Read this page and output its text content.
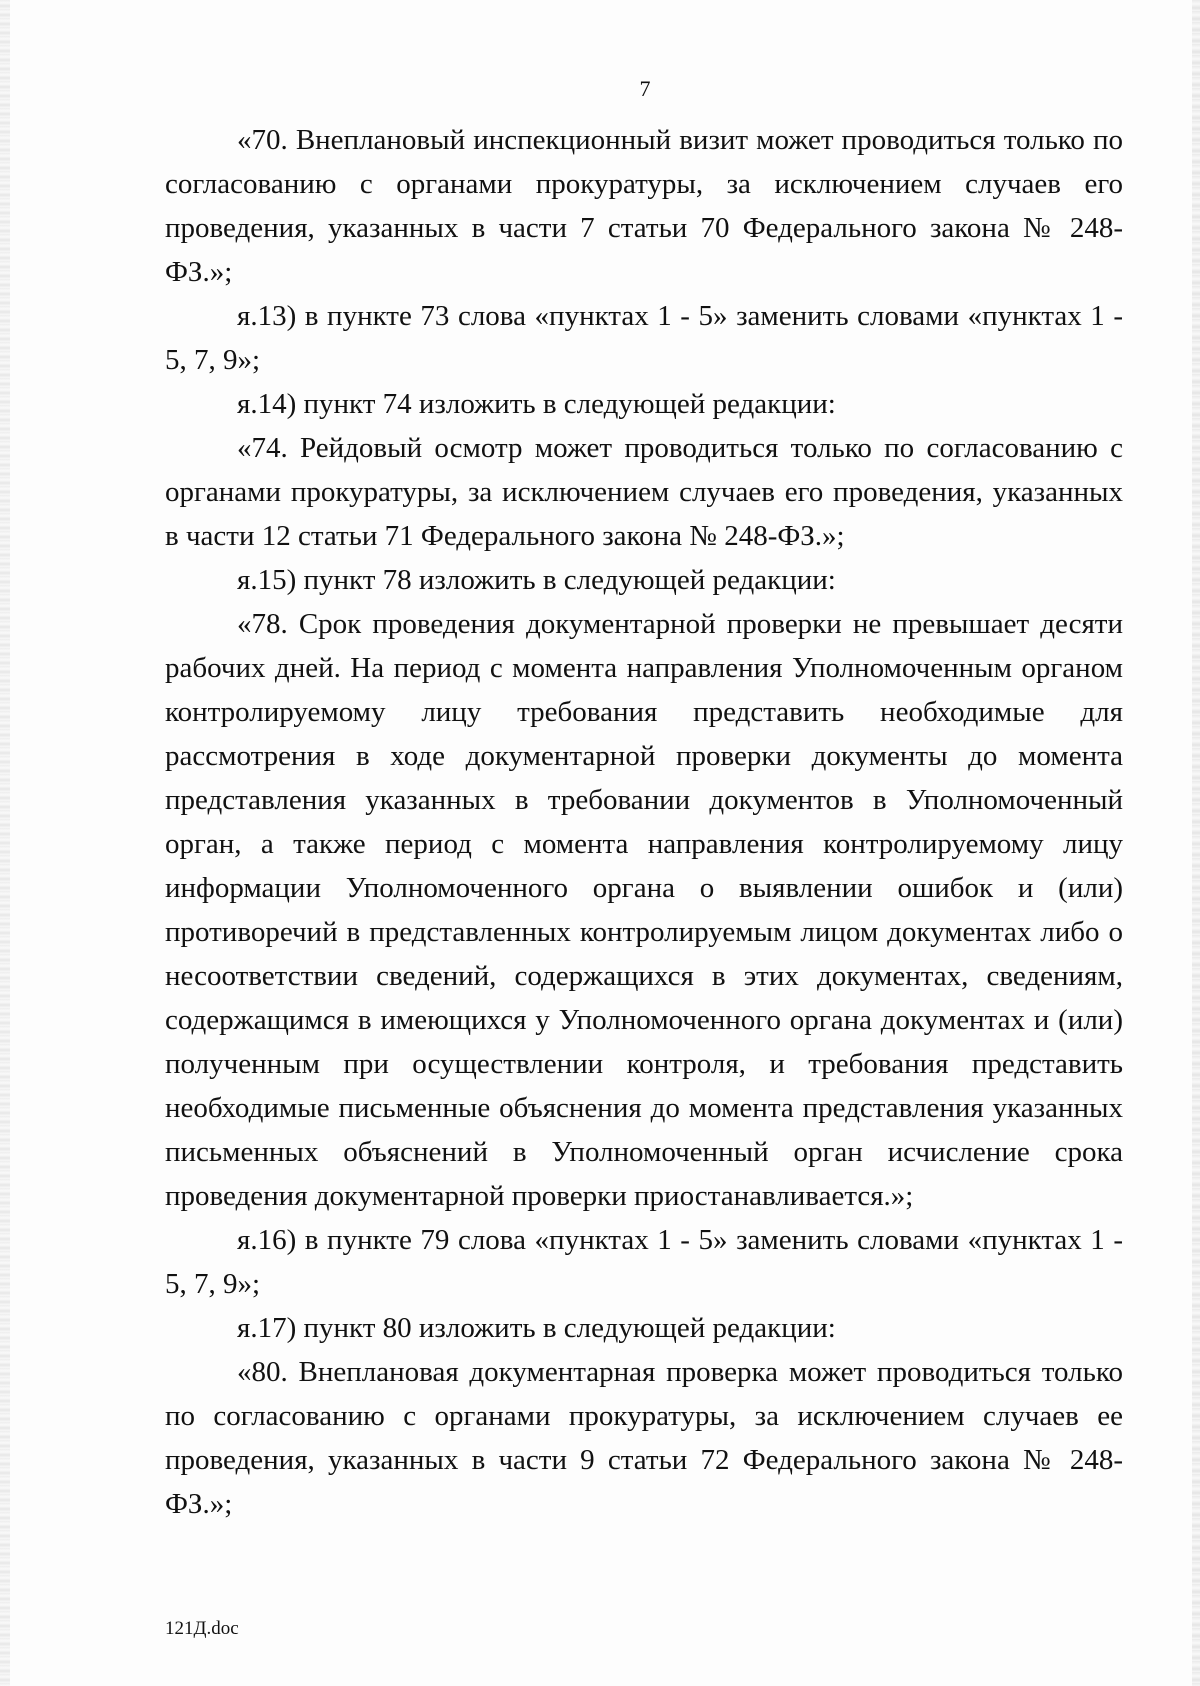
7

«70. Внеплановый инспекционный визит может проводиться только по согласованию с органами прокуратуры, за исключением случаев его проведения, указанных в части 7 статьи 70 Федерального закона № 248-ФЗ.»;

я.13) в пункте 73 слова «пунктах 1 - 5» заменить словами «пунктах 1 - 5, 7, 9»;

я.14) пункт 74 изложить в следующей редакции:

«74. Рейдовый осмотр может проводиться только по согласованию с органами прокуратуры, за исключением случаев его проведения, указанных в части 12 статьи 71 Федерального закона № 248-ФЗ.»;

я.15) пункт 78 изложить в следующей редакции:

«78. Срок проведения документарной проверки не превышает десяти рабочих дней. На период с момента направления Уполномоченным органом контролируемому лицу требования представить необходимые для рассмотрения в ходе документарной проверки документы до момента представления указанных в требовании документов в Уполномоченный орган, а также период с момента направления контролируемому лицу информации Уполномоченного органа о выявлении ошибок и (или) противоречий в представленных контролируемым лицом документах либо о несоответствии сведений, содержащихся в этих документах, сведениям, содержащимся в имеющихся у Уполномоченного органа документах и (или) полученным при осуществлении контроля, и требования представить необходимые письменные объяснения до момента представления указанных письменных объяснений в Уполномоченный орган исчисление срока проведения документарной проверки приостанавливается.»;

я.16) в пункте 79 слова «пунктах 1 - 5» заменить словами «пунктах 1 - 5, 7, 9»;

я.17) пункт 80 изложить в следующей редакции:

«80. Внеплановая документарная проверка может проводиться только по согласованию с органами прокуратуры, за исключением случаев ее проведения, указанных в части 9 статьи 72 Федерального закона № 248-ФЗ.»;

121Д.doc
